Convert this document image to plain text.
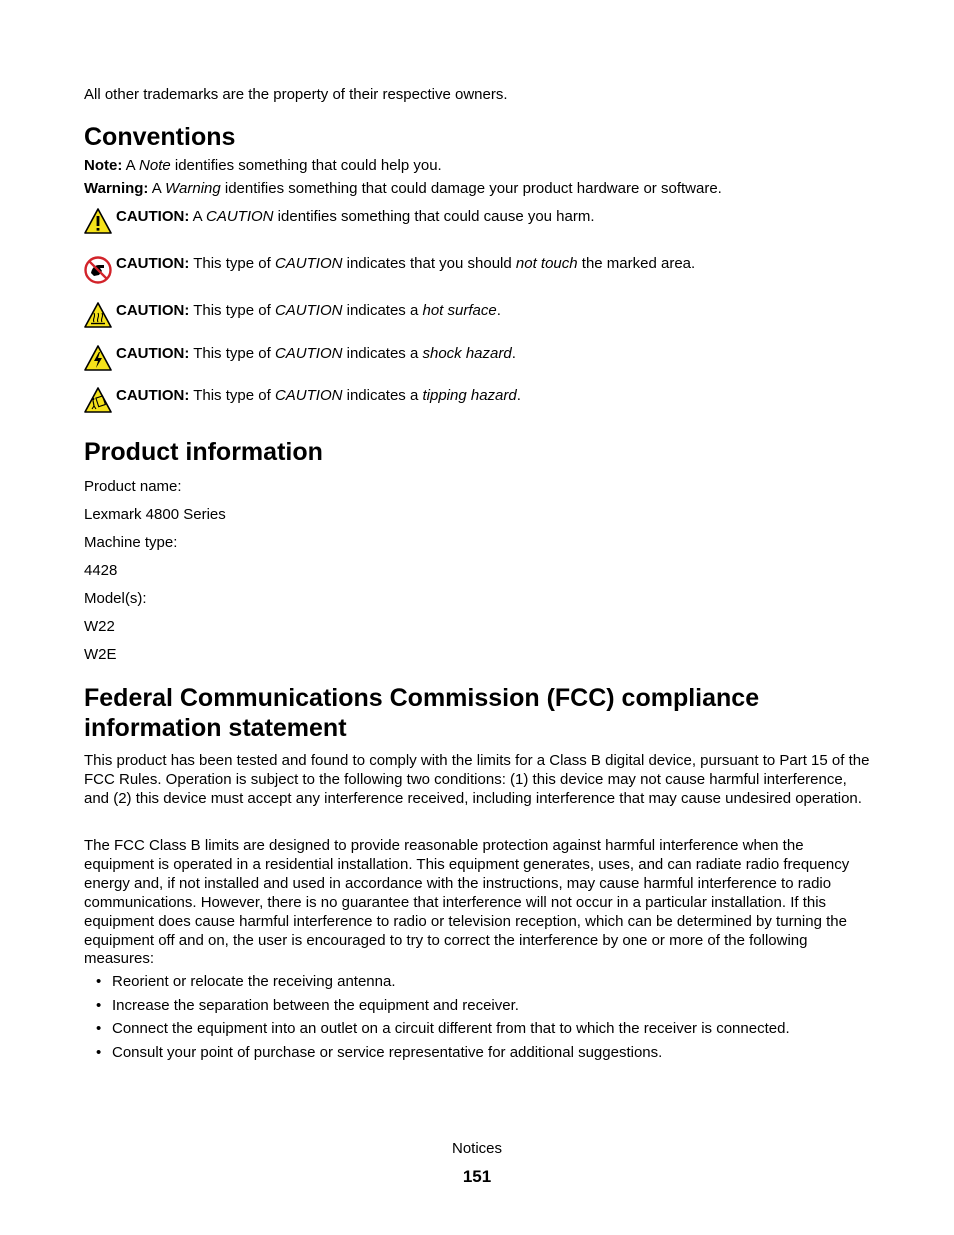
All other trademarks are the property of their respective owners.
Conventions
Note: A Note identifies something that could help you.
Warning: A Warning identifies something that could damage your product hardware or software.
CAUTION: A CAUTION identifies something that could cause you harm.
CAUTION: This type of CAUTION indicates that you should not touch the marked area.
CAUTION: This type of CAUTION indicates a hot surface.
CAUTION: This type of CAUTION indicates a shock hazard.
CAUTION: This type of CAUTION indicates a tipping hazard.
Product information
Product name:
Lexmark 4800 Series
Machine type:
4428
Model(s):
W22
W2E
Federal Communications Commission (FCC) compliance
information statement
This product has been tested and found to comply with the limits for a Class B digital device, pursuant to Part 15 of the FCC Rules. Operation is subject to the following two conditions: (1) this device may not cause harmful interference, and (2) this device must accept any interference received, including interference that may cause undesired operation.
The FCC Class B limits are designed to provide reasonable protection against harmful interference when the equipment is operated in a residential installation. This equipment generates, uses, and can radiate radio frequency energy and, if not installed and used in accordance with the instructions, may cause harmful interference to radio communications. However, there is no guarantee that interference will not occur in a particular installation. If this equipment does cause harmful interference to radio or television reception, which can be determined by turning the equipment off and on, the user is encouraged to try to correct the interference by one or more of the following measures:
• Reorient or relocate the receiving antenna.
• Increase the separation between the equipment and receiver.
• Connect the equipment into an outlet on a circuit different from that to which the receiver is connected.
• Consult your point of purchase or service representative for additional suggestions.
Notices
151
